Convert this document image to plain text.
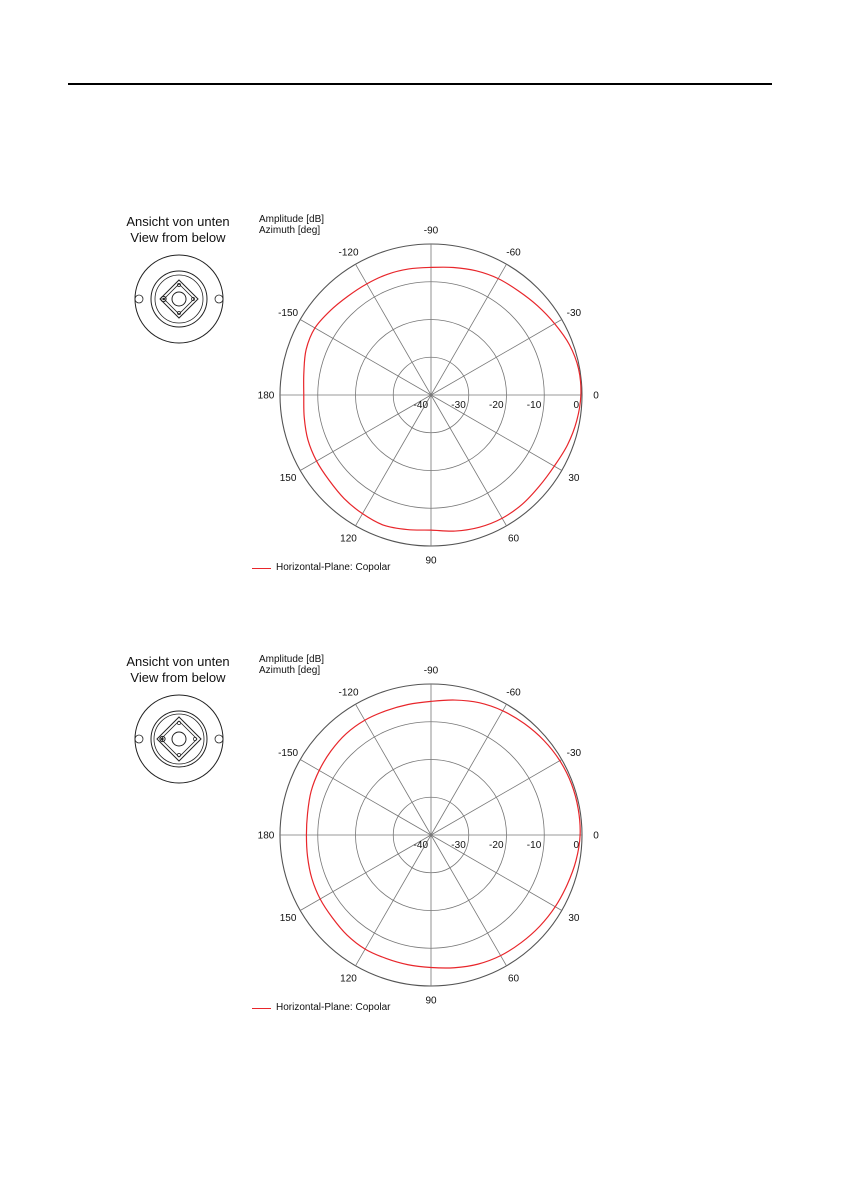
Ansicht von unten
View from below
Amplitude [dB]
Azimuth [deg]
0
30
60
90
120
150
180
-150
-120
-90
-60
-30
-40 -30 -20 -10	0
Horizontal-Plane: Copolar
Ansicht von unten
View from below
Amplitude [dB]
Azimuth [deg]
0
30
60
90
120
150
180
-150
-120
-90
-60
-30
-40 -30 -20 -10	0
Horizontal-Plane: Copolar
